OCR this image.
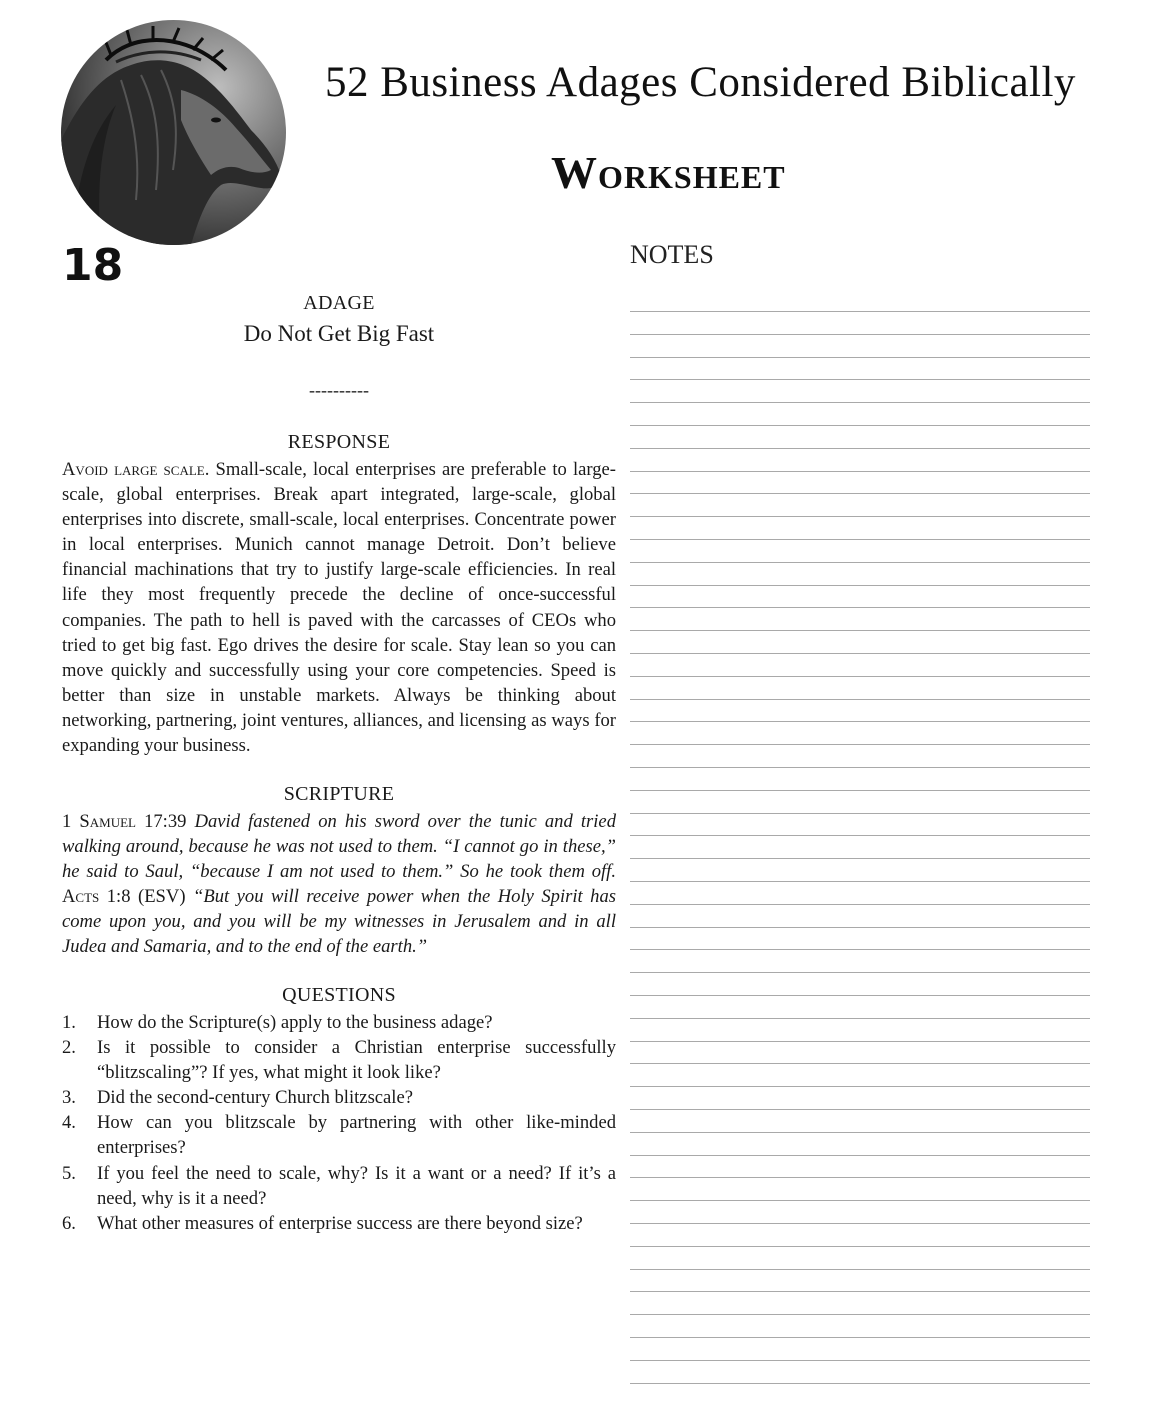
52 Business Adages Considered Biblically
Worksheet
18	NOTES
ADAGE
Do Not Get Big Fast
----------
RESPONSE
Avoid large scale. Small-scale, local enterprises are preferable to large-scale, global enterprises. Break apart integrated, large-scale, global enterprises into discrete, small-scale, local enterprises. Concentrate power in local enterprises. Munich cannot manage Detroit. Don’t believe financial machinations that try to justify large-scale efficiencies. In real life they most frequently precede the decline of once-successful companies. The path to hell is paved with the carcasses of CEOs who tried to get big fast. Ego drives the desire for scale. Stay lean so you can move quickly and successfully using your core competencies. Speed is better than size in unstable markets. Always be thinking about networking, partnering, joint ventures, alliances, and licensing as ways for expanding your business.
SCRIPTURE
1 Samuel 17:39 David fastened on his sword over the tunic and tried walking around, because he was not used to them. “I cannot go in these,” he said to Saul, “because I am not used to them.” So he took them off. Acts 1:8 (ESV) “But you will receive power when the Holy Spirit has come upon you, and you will be my witnesses in Jerusalem and in all Judea and Samaria, and to the end of the earth.”
QUESTIONS
1. How do the Scripture(s) apply to the business adage?
2. Is it possible to consider a Christian enterprise successfully “blitzscaling”? If yes, what might it look like?
3. Did the second-century Church blitzscale?
4. How can you blitzscale by partnering with other like-minded enterprises?
5. If you feel the need to scale, why? Is it a want or a need? If it’s a need, why is it a need?
6. What other measures of enterprise success are there beyond size?
